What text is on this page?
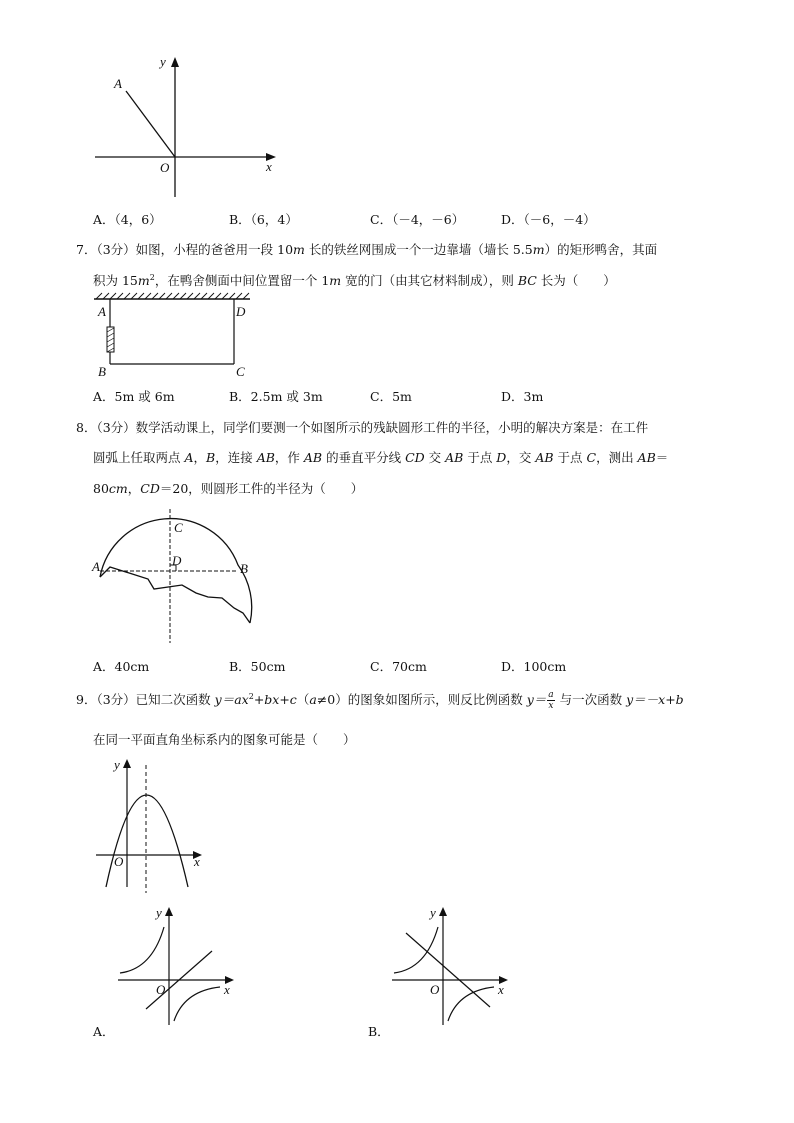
A
y
x
O
A．（4，6）	B．（6，4）	C．（－4，－6）	D．（－6，－4）
7．（3分）如图，小程的爸爸用一段 10m 长的铁丝网围成一个一边靠墙（墙长 5.5m）的矩形鸭舍，其面
积为 $15m^2$，在鸭舍侧面中间位置留一个 1m 宽的门（由其它材料制成），则 BC 长为（　　）
A
B	C
D
A．5m 或 6m	B．2.5m 或 3m	C．5m	D．3m
8．（3分）数学活动课上，同学们要测一个如图所示的残缺圆形工件的半径，小明的解决方案是：在工件
圆弧上任取两点 A，B，连接 AB，作 AB 的垂直平分线 CD 交 AB 于点 D，交 AB 于点 C，测出 AB＝
80cm，CD＝20，则圆形工件的半径为（　　）
A	B
C
D
A．40cm	B．50cm	C．70cm	D．100cm
9．（3分）已知二次函数 $y=ax^2+bx+c(a\ne 0)$的图象如图所示，则反比例函数 $y= \frac{a}{x}$ 与一次函数 y＝－x+b
在同一平面直角坐标系内的图象可能是（　　）
y
x
O
y
x
O
y
x
O
A．	B．
